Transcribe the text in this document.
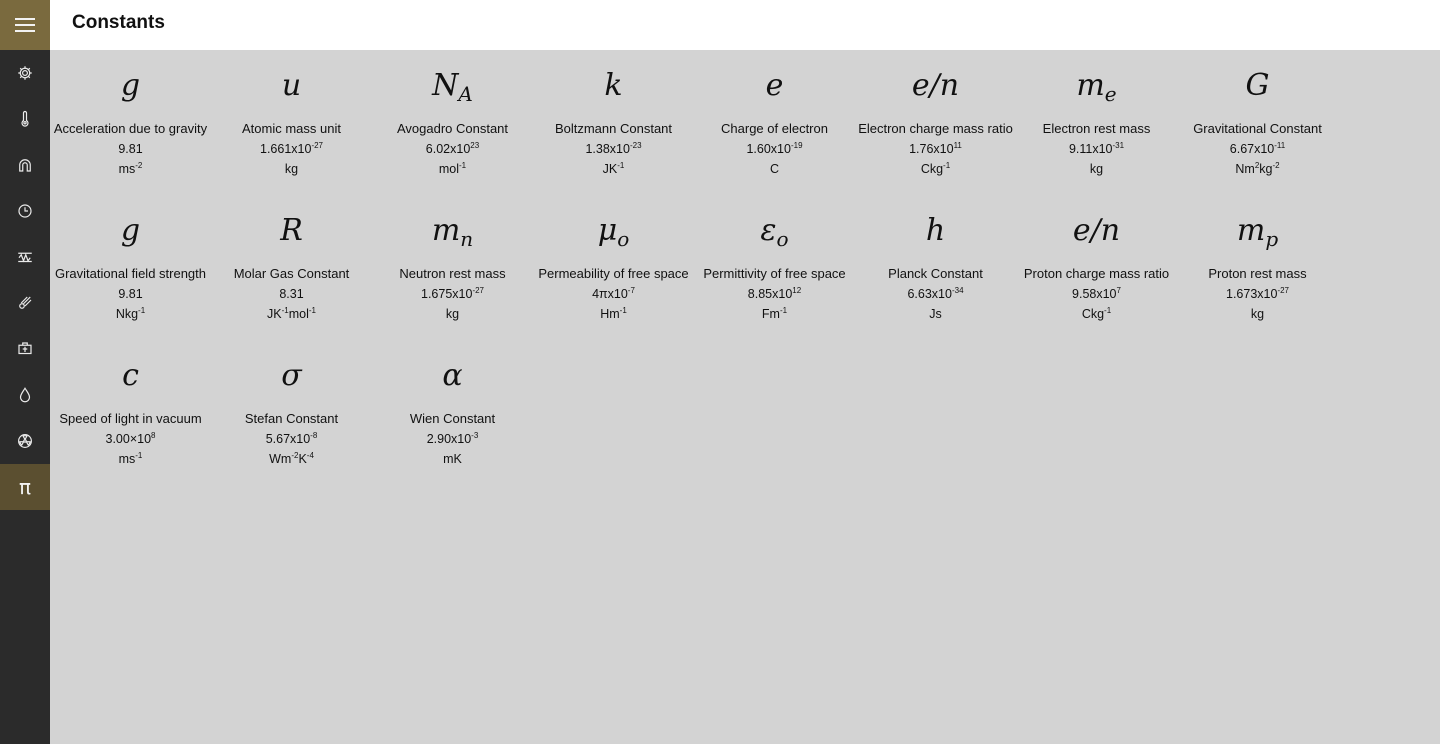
π
Constants
g
Acceleration due to gravity
9.81
$ms^{-2}$
u
Atomic mass unit
$1.661x10^{-27}$
kg
$N_A$
Avogadro Constant
$6.02x10^{23}$
mol$^{-1}$
k
Boltzmann Constant
$1.38x10^{-23}$
$JK^{-1}$
e
Charge of electron
$1.60x10^{-19}$
C
e/n
Electron charge mass ratio
$1.76x10^{11}$
Ckg$^{-1}$
$m_e$
Electron rest mass
$9.11x10^{-31}$
kg
G
Gravitational Constant
$6.67x10^{-11}$
$Nm^2kg^{-2}$
g
Gravitational field strength
9.81
Nkg$^{-1}$
R
Molar Gas Constant
8.31
$JK^{-1}mol^{-1}$
$m_n$
Neutron rest mass
$1.675x10^{-27}$
kg
$\mu_o$
Permeability of free space
$4\pi x10^{-7}$
$Hm^{-1}$
$\varepsilon_o$
Permittivity of free space
$8.85x10^{12}$
$Fm^{-1}$
h
Planck Constant
$6.63x10^{-34}$
Js
e/n
Proton charge mass ratio
$9.58x10^7$
Ckg$^{-1}$
$m_p$
Proton rest mass
$1.673x10^{-27}$
kg
c
Speed of light in vacuum
$3.00\times 10^8$
$ms^{-1}$
σ
Stefan Constant
$5.67x10^{-8}$
$Wm^{-2}K^{-4}$
α
Wien Constant
$2.90x10^{-3}$
mK
